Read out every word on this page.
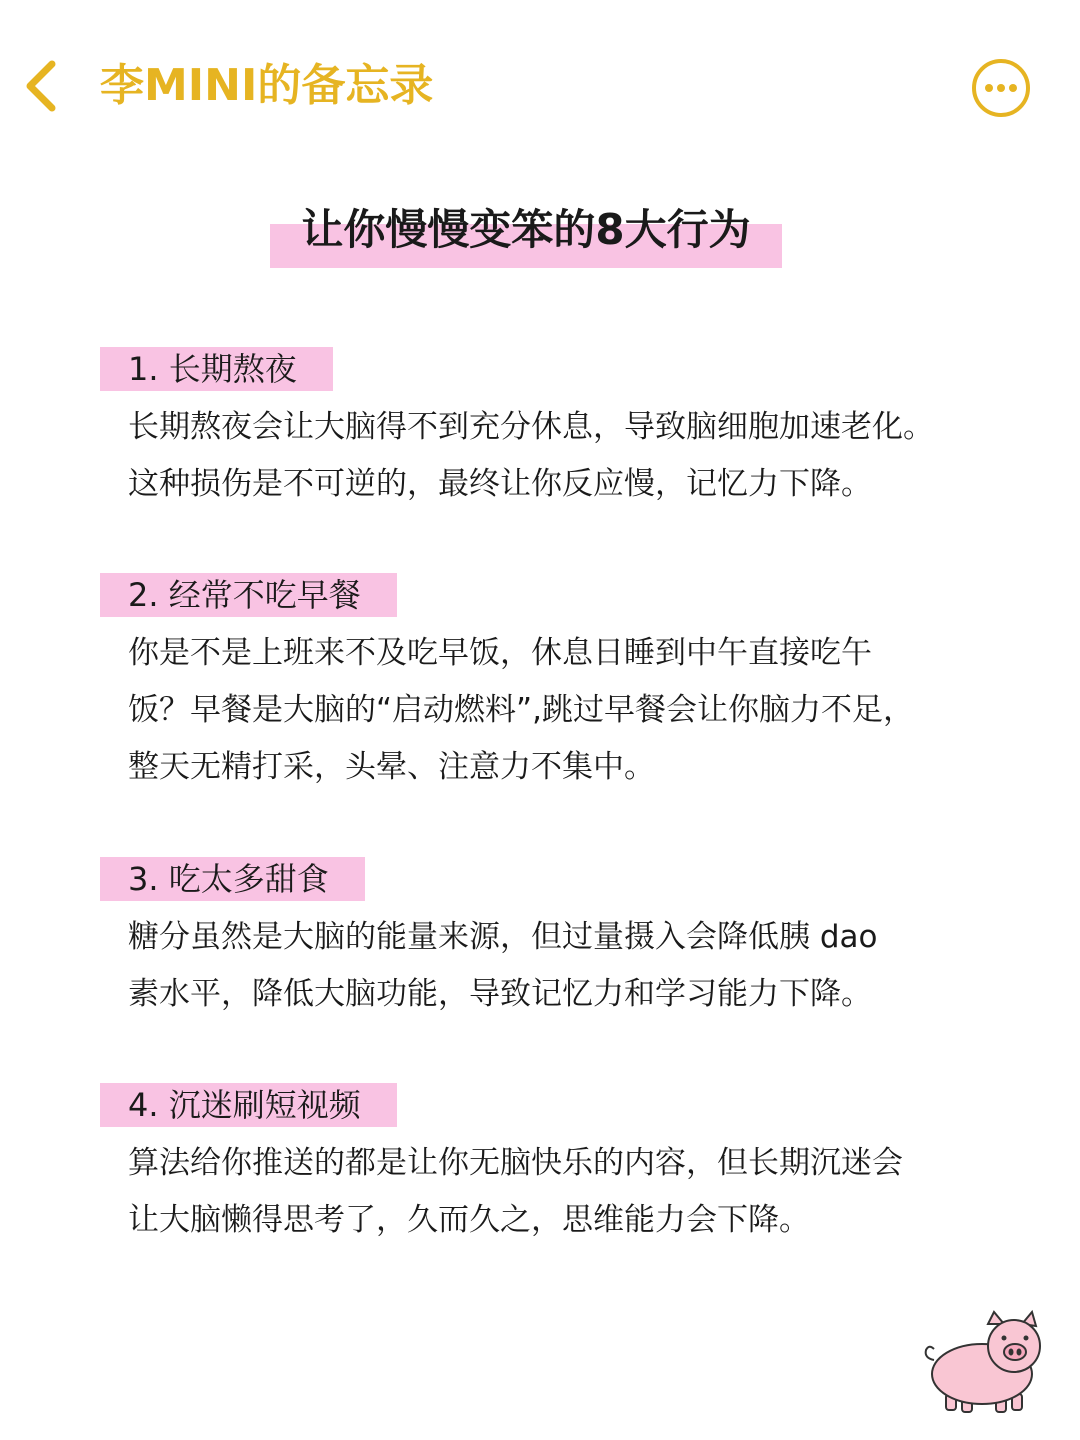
李MINI的备忘录
让你慢慢变笨的8大行为
1. 长期熬夜

长期熬夜会让大脑得不到充分休息，导致脑细胞加速老化。

这种损伤是不可逆的，最终让你反应慢，记忆力下降。

2. 经常不吃早餐

你是不是上班来不及吃早饭，休息日睡到中午直接吃午

饭？早餐是大脑的“启动燃料”,跳过早餐会让你脑力不足，

整天无精打采，头晕、注意力不集中。

3. 吃太多甜食

糖分虽然是大脑的能量来源，但过量摄入会降低胰 dao

素水平，降低大脑功能，导致记忆力和学习能力下降。

4. 沉迷刷短视频

算法给你推送的都是让你无脑快乐的内容，但长期沉迷会

让大脑懒得思考了，久而久之，思维能力会下降。
